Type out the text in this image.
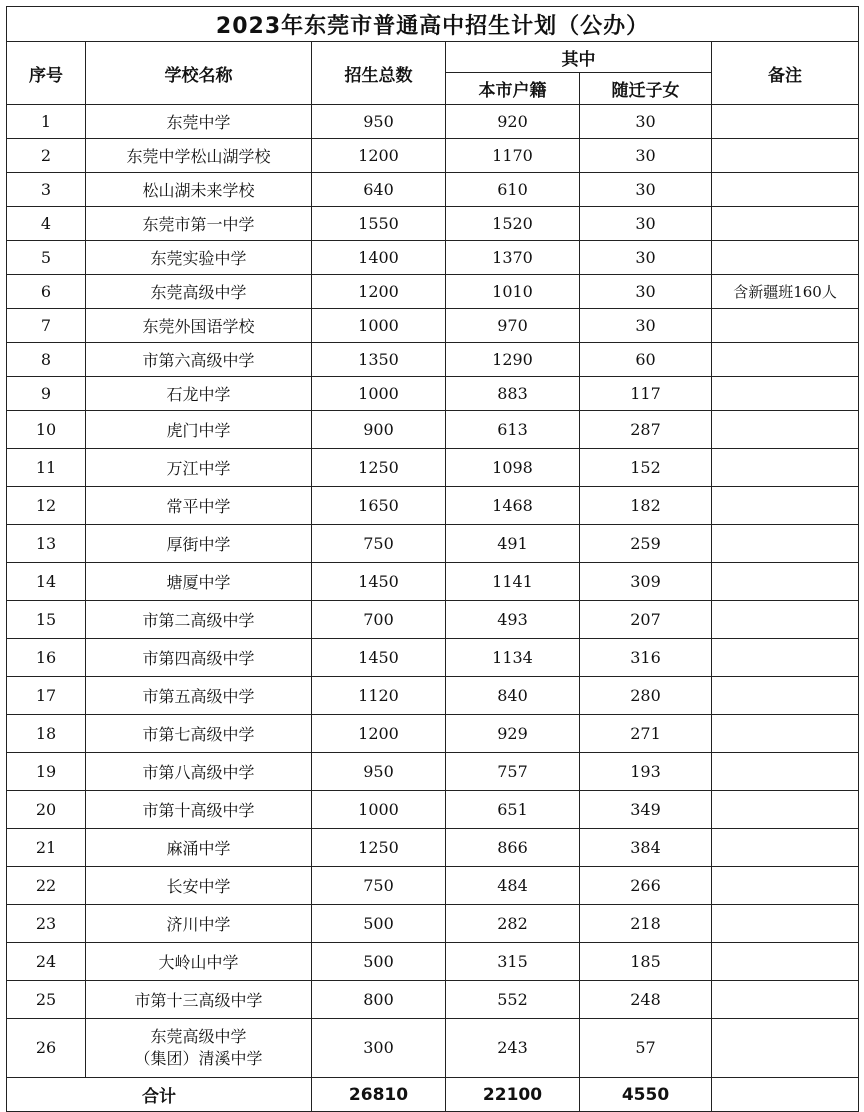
2023年东莞市普通高中招生计划（公办）					
序号	学校名称	招生总数	其中		备注
			本市户籍	随迁子女	
1	东莞中学	950	920	30	
2	东莞中学松山湖学校	1200	1170	30	
3	松山湖未来学校	640	610	30	
4	东莞市第一中学	1550	1520	30	
5	东莞实验中学	1400	1370	30	
6	东莞高级中学	1200	1010	30	含新疆班160人
7	东莞外国语学校	1000	970	30	
8	市第六高级中学	1350	1290	60	
9	石龙中学	1000	883	117	
10	虎门中学	900	613	287	
11	万江中学	1250	1098	152	
12	常平中学	1650	1468	182	
13	厚街中学	750	491	259	
14	塘厦中学	1450	1141	309	
15	市第二高级中学	700	493	207	
16	市第四高级中学	1450	1134	316	
17	市第五高级中学	1120	840	280	
18	市第七高级中学	1200	929	271	
19	市第八高级中学	950	757	193	
20	市第十高级中学	1000	651	349	
21	麻涌中学	1250	866	384	
22	长安中学	750	484	266	
23	济川中学	500	282	218	
24	大岭山中学	500	315	185	
25	市第十三高级中学	800	552	248	
26	东莞高级中学
（集团）清溪中学	300	243	57	
合计		26810	22100	4550	
